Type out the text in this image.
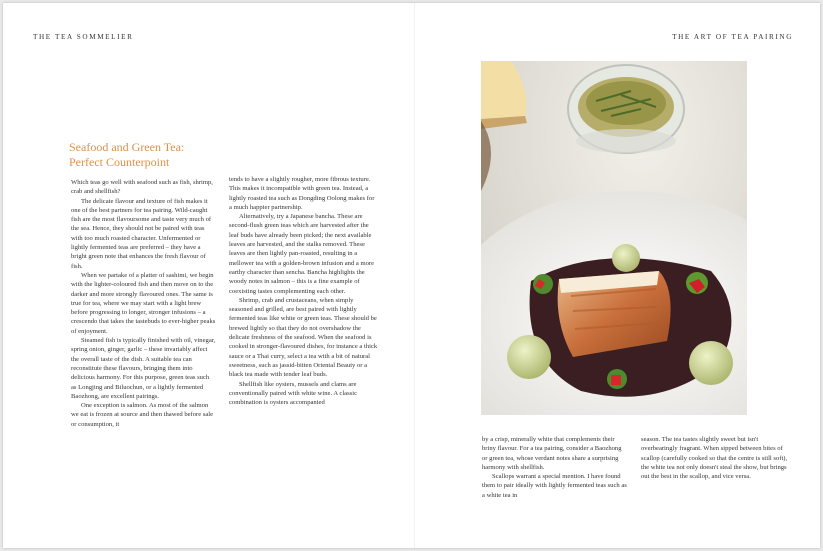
THE TEA SOMMELIER	THE ART OF TEA PAIRING
Seafood and Green Tea:
Perfect Counterpoint

Which teas go well with seafood such as fish, shrimp, crab and shellfish?

The delicate flavour and texture of fish makes it one of the best partners for tea pairing. Wild-caught fish are the most flavoursome and taste very much of the sea. Hence, they should not be paired with teas with too much roasted character. Unfermented or lightly fermented teas are preferred – they have a bright green note that enhances the fresh flavour of fish.

When we partake of a platter of sashimi, we begin with the lighter-coloured fish and then move on to the darker and more strongly flavoured ones. The same is true for tea, where we may start with a light brew before progressing to longer, stronger infusions – a crescendo that takes the tastebuds to ever-higher peaks of enjoyment.

Steamed fish is typically finished with oil, vinegar, spring onion, ginger, garlic – these invariably affect the overall taste of the dish. A suitable tea can reconstitute these flavours, bringing them into delicious harmony. For this purpose, green teas such as Longjing and Biluochun, or a lightly fermented Baozhong, are excellent pairings.

One exception is salmon. As most of the salmon we eat is frozen at source and then thawed before sale or consumption, it

tends to have a slightly rougher, more fibrous texture. This makes it incompatible with green tea. Instead, a lightly roasted tea such as Dongding Oolong makes for a much happier partnership.

Alternatively, try a Japanese bancha. These are second-flush green teas which are harvested after the leaf buds have already been picked; the next available leaves are harvested, and the stalks removed. These leaves are then lightly pan-roasted, resulting in a mellower tea with a golden-brown infusion and a more earthy character than sencha. Bancha highlights the woody notes in salmon – this is a fine example of coexisting tastes complementing each other.

Shrimp, crab and crustaceans, when simply seasoned and grilled, are best paired with lightly fermented teas like white or green teas. These should be brewed lightly so that they do not overshadow the delicate freshness of the seafood. When the seafood is cooked in stronger-flavoured dishes, for instance a thick sauce or a Thai curry, select a tea with a bit of natural sweetness, such as jassid-bitten Oriental Beauty or a black tea made with tender leaf buds.

Shellfish like oysters, mussels and clams are conventionally paired with white wine. A classic combination is oysters accompanied

by a crisp, minerally white that complements their briny flavour. For a tea pairing, consider a Baozhong or green tea, whose verdant notes share a surprising harmony with shellfish.

Scallops warrant a special mention. I have found them to pair ideally with lightly fermented teas such as a white tea in

season. The tea tastes slightly sweet but isn't overbearingly fragrant. When sipped between bites of scallop (carefully cooked so that the centre is still soft), the white tea not only doesn't steal the show, but brings out the best in the scallop, and vice versa.
